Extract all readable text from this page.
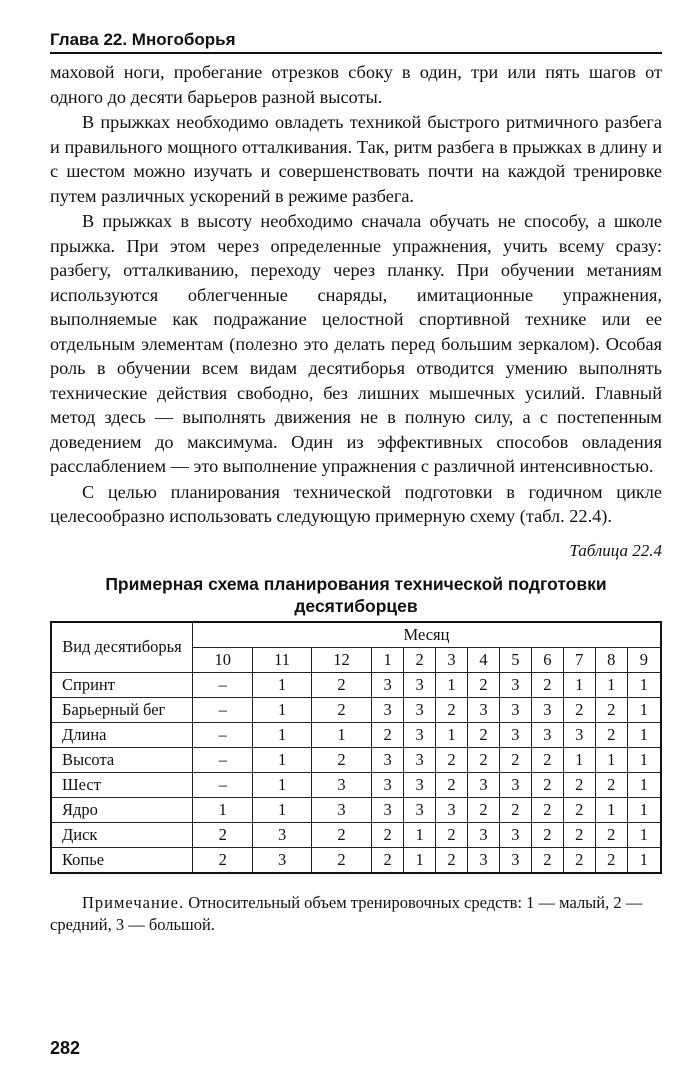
Глава 22. Многоборья

маховой ноги, пробегание отрезков сбоку в один, три или пять шагов от одного до десяти барьеров разной высоты.

В прыжках необходимо овладеть техникой быстрого ритмичного разбега и правильного мощного отталкивания. Так, ритм разбега в прыжках в длину и с шестом можно изучать и совершенствовать почти на каждой тренировке путем различных ускорений в режиме разбега.

В прыжках в высоту необходимо сначала обучать не способу, а школе прыжка. При этом через определенные упражнения, учить всему сразу: разбегу, отталкиванию, переходу через планку. При обучении метаниям используются облегченные снаряды, имитационные упражнения, выполняемые как подражание целостной спортивной технике или ее отдельным элементам (полезно это делать перед большим зеркалом). Особая роль в обучении всем видам десятиборья отводится умению выполнять технические действия свободно, без лишних мышечных усилий. Главный метод здесь — выполнять движения не в полную силу, а с постепенным доведением до максимума. Один из эффективных способов овладения расслаблением — это выполнение упражнения с различной интенсивностью.

С целью планирования технической подготовки в годичном цикле целесообразно использовать следующую примерную схему (табл. 22.4).

Таблица 22.4
Примерная схема планирования технической подготовки десятиборцев
Вид десятиборья	Месяц											
	10	11	12	1	2	3	4	5	6	7	8	9
Спринт	–	1	2	3	3	1	2	3	2	1	1	1
Барьерный бег	–	1	2	3	3	2	3	3	3	2	2	1
Длина	–	1	1	2	3	1	2	3	3	3	2	1
Высота	–	1	2	3	3	2	2	2	2	1	1	1
Шест	–	1	3	3	3	2	3	3	2	2	2	1
Ядро	1	1	3	3	3	3	2	2	2	2	1	1
Диск	2	3	2	2	1	2	3	3	2	2	2	1
Копье	2	3	2	2	1	2	3	3	2	2	2	1
Примечание. Относительный объем тренировочных средств: 1 — малый, 2 — средний, 3 — большой.
282
